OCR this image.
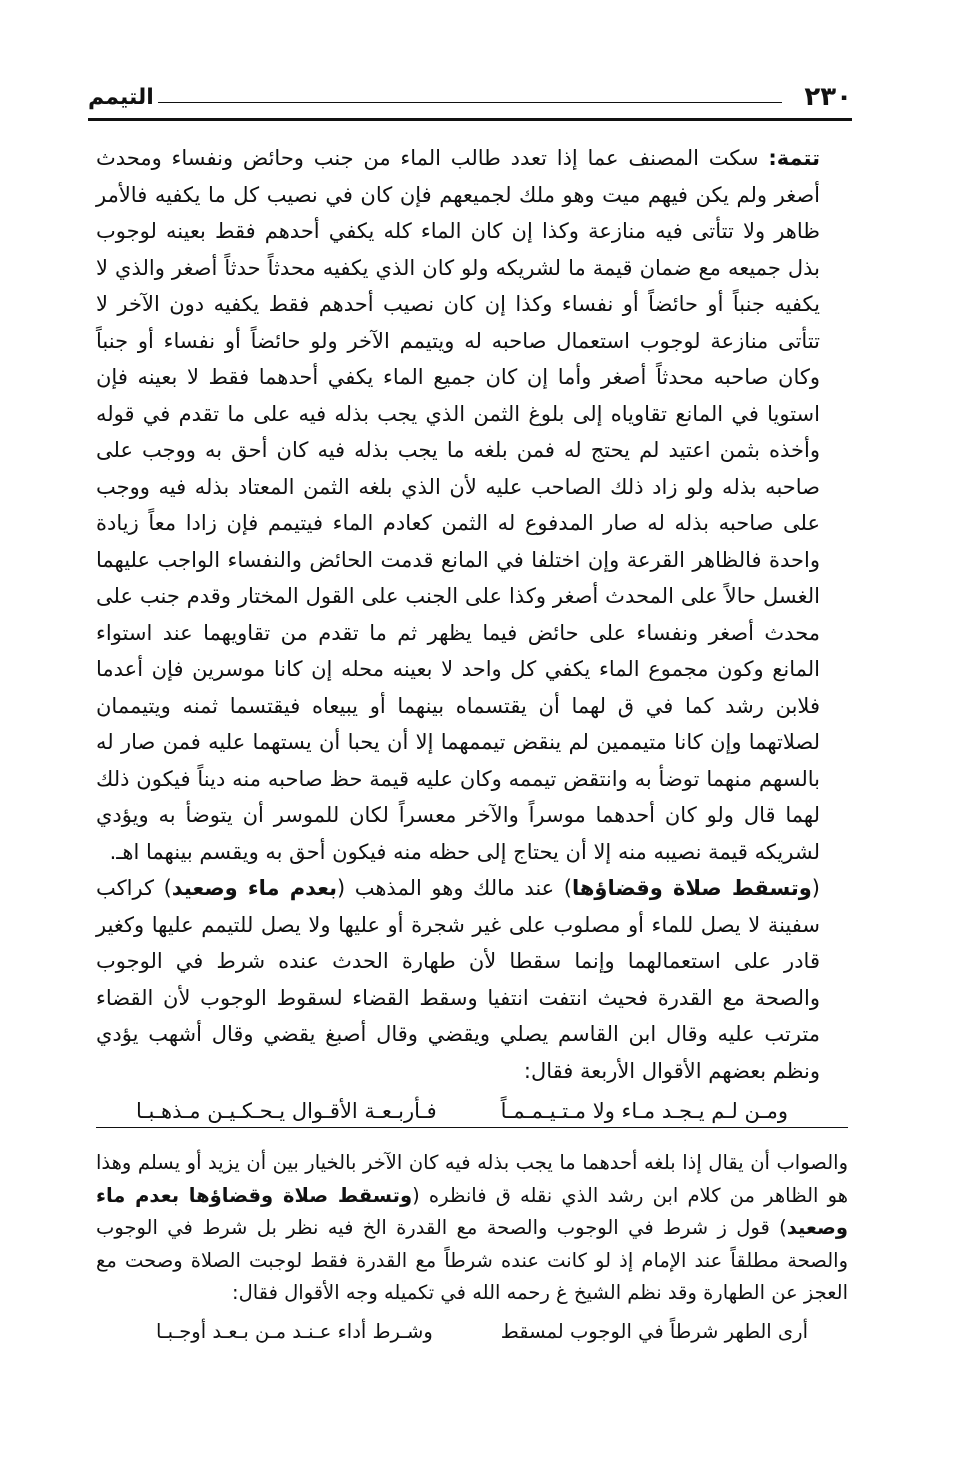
٢٣٠
التيمم

تتمة: سكت المصنف عما إذا تعدد طالب الماء من جنب وحائض ونفساء ومحدث أصغر ولم يكن فيهم ميت وهو ملك لجميعهم فإن كان في نصيب كل ما يكفيه فالأمر ظاهر ولا تتأتى فيه منازعة وكذا إن كان الماء كله يكفي أحدهم فقط بعينه لوجوب بذل جميعه مع ضمان قيمة ما لشريكه ولو كان الذي يكفيه محدثاً حدثاً أصغر والذي لا يكفيه جنباً أو حائضاً أو نفساء وكذا إن كان نصيب أحدهم فقط يكفيه دون الآخر لا تتأتى منازعة لوجوب استعمال صاحبه له ويتيمم الآخر ولو حائضاً أو نفساء أو جنباً وكان صاحبه محدثاً أصغر وأما إن كان جميع الماء يكفي أحدهما فقط لا بعينه فإن استويا في المانع تقاوياه إلى بلوغ الثمن الذي يجب بذله فيه على ما تقدم في قوله وأخذه بثمن اعتيد لم يحتج له فمن بلغه ما يجب بذله فيه كان أحق به ووجب على صاحبه بذله ولو زاد ذلك الصاحب عليه لأن الذي بلغه الثمن المعتاد بذله فيه ووجب على صاحبه بذله له صار المدفوع له الثمن كعادم الماء فيتيمم فإن زادا معاً زيادة واحدة فالظاهر القرعة وإن اختلفا في المانع قدمت الحائض والنفساء الواجب عليهما الغسل حالاً على المحدث أصغر وكذا على الجنب على القول المختار وقدم جنب على محدث أصغر ونفساء على حائض فيما يظهر ثم ما تقدم من تقاويهما عند استواء المانع وكون مجموع الماء يكفي كل واحد لا بعينه محله إن كانا موسرين فإن أعدما فلابن رشد كما في ق لهما أن يقتسماه بينهما أو يبيعاه فيقتسما ثمنه ويتيممان لصلاتهما وإن كانا متيممين لم ينقض تيممهما إلا أن يحبا أن يستهما عليه فمن صار له بالسهم منهما توضأ به وانتقض تيممه وكان عليه قيمة حظ صاحبه منه ديناً فيكون ذلك لهما قال ولو كان أحدهما موسراً والآخر معسراً لكان للموسر أن يتوضأ به ويؤدي لشريكه قيمة نصيبه منه إلا أن يحتاج إلى حظه منه فيكون أحق به ويقسم بينهما اهـ.

(وتسقط صلاة وقضاؤها) عند مالك وهو المذهب (بعدم ماء وصعيد) كراكب سفينة لا يصل للماء أو مصلوب على غير شجرة أو عليها ولا يصل للتيمم عليها وكغير قادر على استعمالهما وإنما سقطا لأن طهارة الحدث عنده شرط في الوجوب والصحة مع القدرة فحيث انتفت انتفيا وسقط القضاء لسقوط الوجوب لأن القضاء مترتب عليه وقال ابن القاسم يصلي ويقضي وقال أصبغ يقضي وقال أشهب يؤدي ونظم بعضهم الأقوال الأربعة فقال:

ومـن لـم يـجـد مـاء ولا مـتـيـمـمـاً
فـأربـعـة الأقـوال يـحـكـيـن مـذهـبـا

والصواب أن يقال إذا بلغه أحدهما ما يجب بذله فيه كان الآخر بالخيار بين أن يزيد أو يسلم وهذا هو الظاهر من كلام ابن رشد الذي نقله ق فانظره (وتسقط صلاة وقضاؤها بعدم ماء وصعيد) قول ز شرط في الوجوب والصحة مع القدرة الخ فيه نظر بل شرط في الوجوب والصحة مطلقاً عند الإمام إذ لو كانت عنده شرطاً مع القدرة فقط لوجبت الصلاة وصحت مع العجز عن الطهارة وقد نظم الشيخ غ رحمه الله في تكميله وجه الأقوال فقال:

أرى الطهر شرطاً في الوجوب لمسقط
وشـرط أداء عـنـد مـن بـعـد أوجـبـا
